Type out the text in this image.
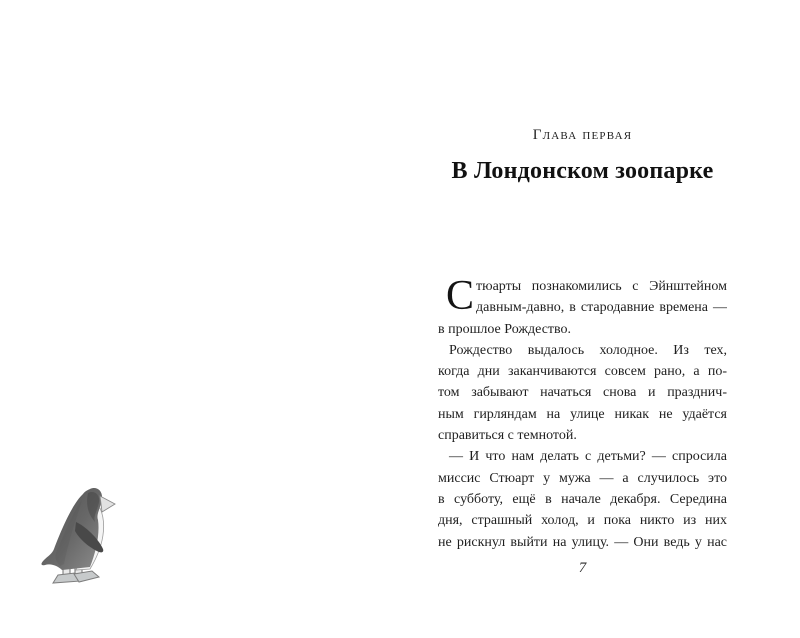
Глава первая
В Лондонском зоопарке
С тюарты познакомились с Эйнштейном
давным-давно, в стародавние времена —
в прошлое Рождество.
Рождество выдалось холодное. Из тех,
когда дни заканчиваются совсем рано, а по-
том забывают начаться снова и празднич-
ным гирляндам на улице никак не удаётся
справиться с темнотой.
— И что нам делать с детьми? — спросила
миссис Стюарт у мужа — а случилось это
в субботу, ещё в начале декабря. Середина
дня, страшный холод, и пока никто из них
не рискнул выйти на улицу. — Они ведь у нас
7
